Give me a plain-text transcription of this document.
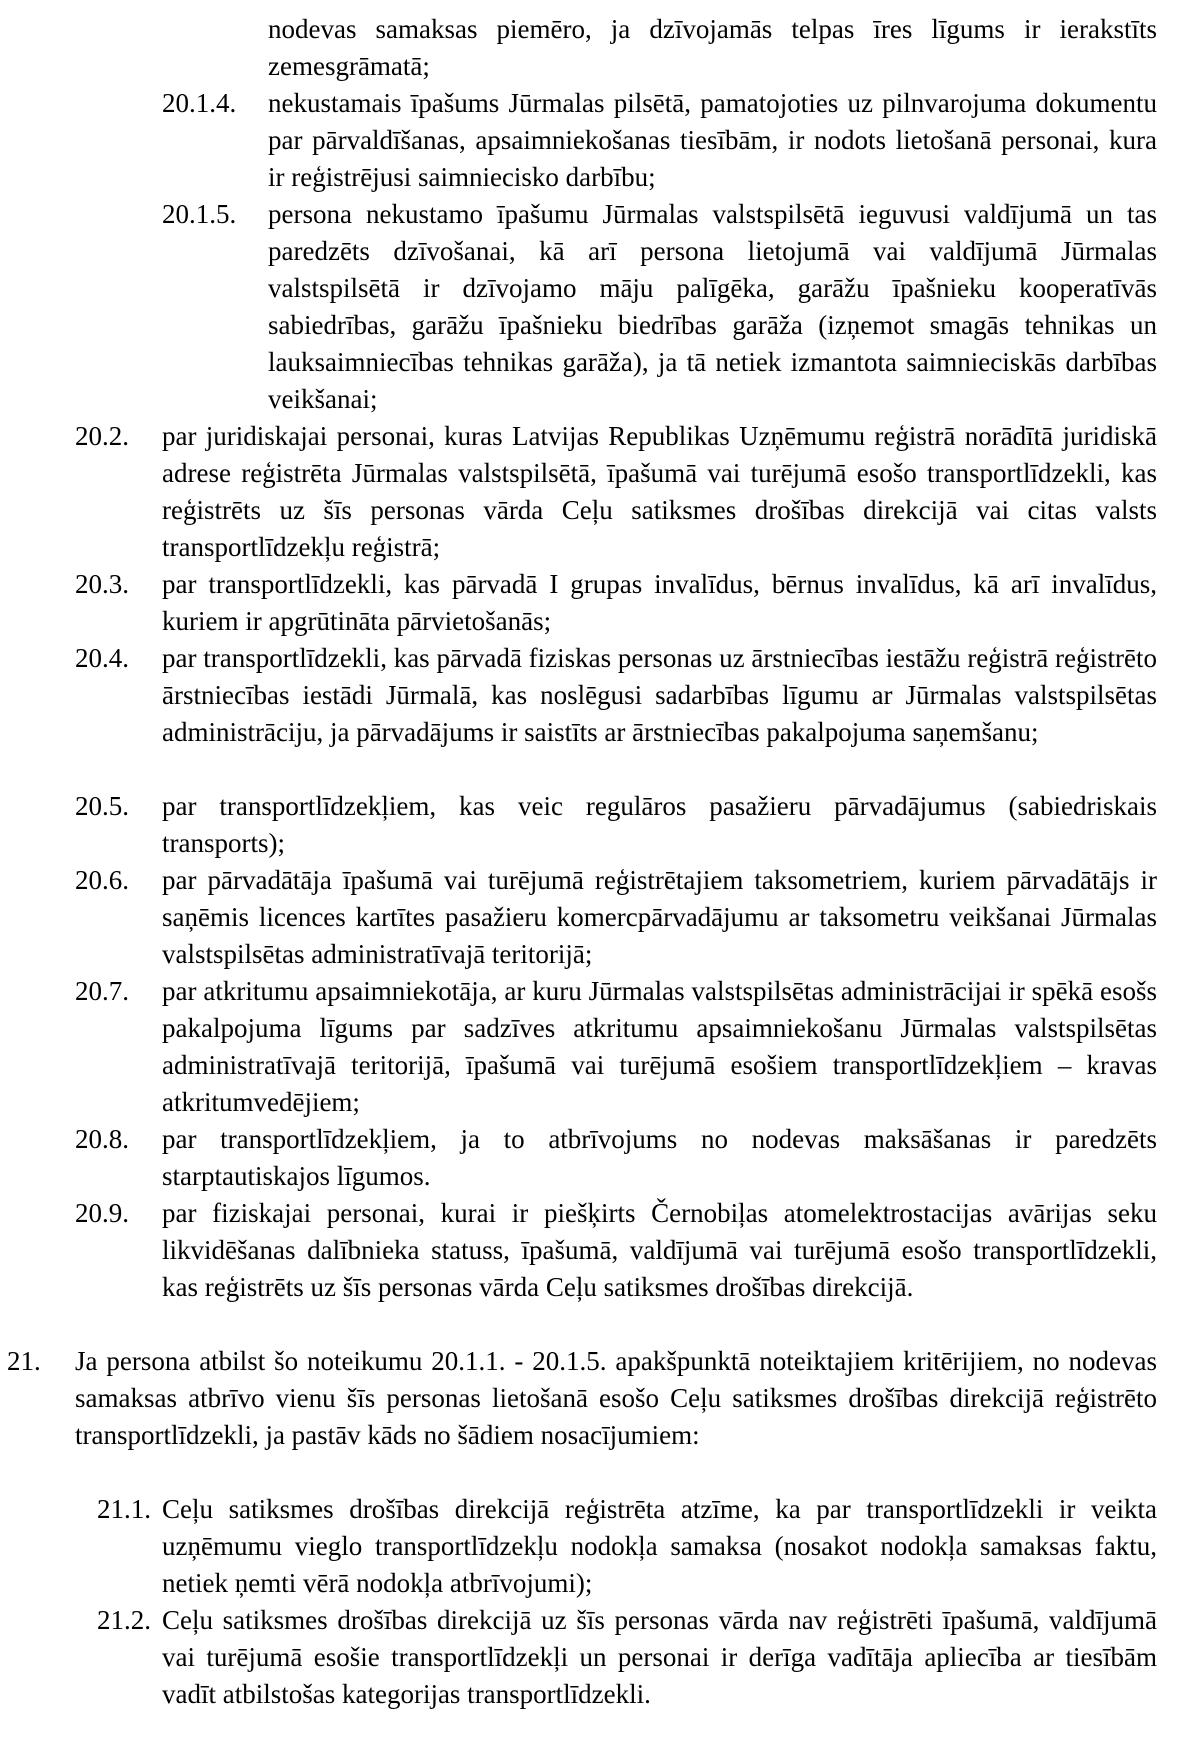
nodevas samaksas piemēro, ja dzīvojamās telpas īres līgums ir ierakstīts zemesgrāmatā;

20.1.4.	nekustamais īpašums Jūrmalas pilsētā, pamatojoties uz pilnvarojuma dokumentu par pārvaldīšanas, apsaimniekošanas tiesībām, ir nodots lietošanā personai, kura ir reģistrējusi saimniecisko darbību;

20.1.5.	persona nekustamo īpašumu Jūrmalas valstspilsētā ieguvusi valdījumā un tas paredzēts dzīvošanai, kā arī persona lietojumā vai valdījumā Jūrmalas valstspilsētā ir dzīvojamo māju palīgēka, garāžu īpašnieku kooperatīvās sabiedrības, garāžu īpašnieku biedrības garāža (izņemot smagās tehnikas un lauksaimniecības tehnikas garāža), ja tā netiek izmantota saimnieciskās darbības veikšanai;

20.2.	par juridiskajai personai, kuras Latvijas Republikas Uzņēmumu reģistrā norādītā juridiskā adrese reģistrēta Jūrmalas valstspilsētā, īpašumā vai turējumā esošo transportlīdzekli, kas reģistrēts uz šīs personas vārda Ceļu satiksmes drošības direkcijā vai citas valsts transportlīdzekļu reģistrā;

20.3.	par transportlīdzekli, kas pārvadā I grupas invalīdus, bērnus invalīdus, kā arī invalīdus, kuriem ir apgrūtināta pārvietošanās;

20.4.	par transportlīdzekli, kas pārvadā fiziskas personas uz ārstniecības iestāžu reģistrā reģistrēto ārstniecības iestādi Jūrmalā, kas noslēgusi sadarbības līgumu ar Jūrmalas valstspilsētas administrāciju, ja pārvadājums ir saistīts ar ārstniecības pakalpojuma saņemšanu;

20.5.	par transportlīdzekļiem, kas veic regulāros pasažieru pārvadājumus (sabiedriskais transports);

20.6.	par pārvadātāja īpašumā vai turējumā reģistrētajiem taksometriem, kuriem pārvadātājs ir saņēmis licences kartītes pasažieru komercpārvadājumu ar taksometru veikšanai Jūrmalas valstspilsētas administratīvajā teritorijā;

20.7.	par atkritumu apsaimniekotāja, ar kuru Jūrmalas valstspilsētas administrācijai ir spēkā esošs pakalpojuma līgums par sadzīves atkritumu apsaimniekošanu Jūrmalas valstspilsētas administratīvajā teritorijā, īpašumā vai turējumā esošiem transportlīdzekļiem – kravas atkritumvedējiem;

20.8.	par transportlīdzekļiem, ja to atbrīvojums no nodevas maksāšanas ir paredzēts starptautiskajos līgumos.

20.9.	par fiziskajai personai, kurai ir piešķirts Černobiļas atomelektrostacijas avārijas seku likvidēšanas dalībnieka statuss, īpašumā, valdījumā vai turējumā esošo transportlīdzekli, kas reģistrēts uz šīs personas vārda Ceļu satiksmes drošības direkcijā.

21.	Ja persona atbilst šo noteikumu 20.1.1. - 20.1.5. apakšpunktā noteiktajiem kritērijiem, no nodevas samaksas atbrīvo vienu šīs personas lietošanā esošo Ceļu satiksmes drošības direkcijā reģistrēto transportlīdzekli, ja pastāv kāds no šādiem nosacījumiem:

21.1. Ceļu satiksmes drošības direkcijā reģistrēta atzīme, ka par transportlīdzekli ir veikta uzņēmumu vieglo transportlīdzekļu nodokļa samaksa (nosakot nodokļa samaksas faktu, netiek ņemti vērā nodokļa atbrīvojumi);

21.2. Ceļu satiksmes drošības direkcijā uz šīs personas vārda nav reģistrēti īpašumā, valdījumā vai turējumā esošie transportlīdzekļi un personai ir derīga vadītāja apliecība ar tiesībām vadīt atbilstošas kategorijas transportlīdzekli.
